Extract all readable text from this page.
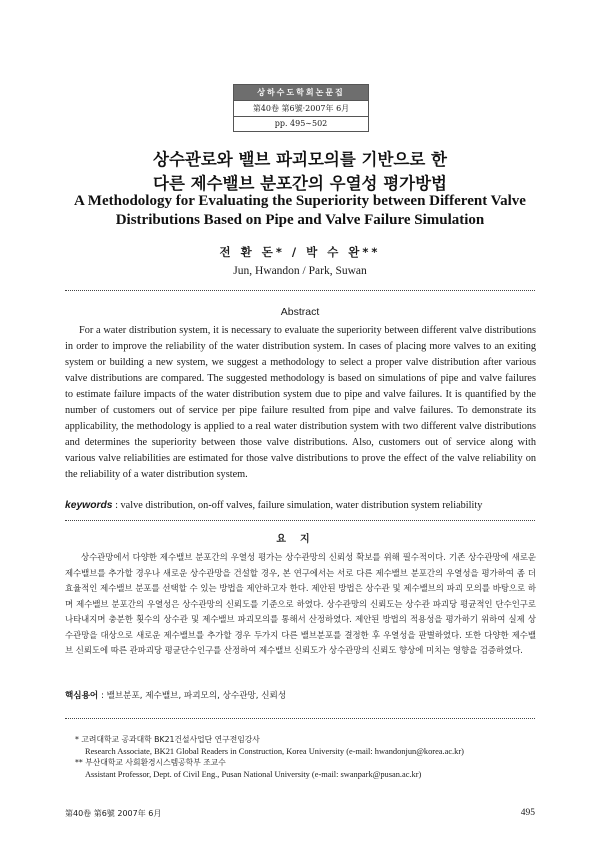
상하수도학회논문집
第40卷 第6號·2007年 6月
pp. 495∼502
상수관로와 밸브 파괴모의를 기반으로 한
다른 제수밸브 분포간의 우열성 평가방법
A Methodology for Evaluating the Superiority between Different Valve
Distributions Based on Pipe and Valve Failure Simulation
전 환 돈* / 박 수 완**
Jun, Hwandon / Park, Suwan
Abstract

For a water distribution system, it is necessary to evaluate the superiority between different valve distributions in order to improve the reliability of the water distribution system. In cases of placing more valves to an exiting system or building a new system, we suggest a methodology to select a proper valve distribution after various valve distributions are compared. The suggested methodology is based on simulations of pipe and valve failures to estimate failure impacts of the water distribution system due to pipe and valve failures. It is quantified by the number of customers out of service per pipe failure resulted from pipe and valve failures. To demonstrate its applicability, the methodology is applied to a real water distribution system with two different valve distributions and determines the superiority between those valve distributions. Also, customers out of service along with various valve reliabilities are estimated for those valve distributions to prove the effect of the valve reliability on the reliability of a water distribution system.

keywords : valve distribution, on-off valves, failure simulation, water distribution system reliability
요지

상수관망에서 다양한 제수밸브 분포간의 우열성 평가는 상수관망의 신뢰성 확보를 위해 필수적이다. 기존 상수관망에 새로운 제수밸브를 추가할 경우나 새로운 상수관망을 건설할 경우, 본 연구에서는 서로 다른 제수밸브 분포간의 우열성을 평가하여 좀 더 효율적인 제수밸브 분포를 선택할 수 있는 방법을 제안하고자 한다. 제안된 방법은 상수관 및 제수밸브의 파괴 모의를 바탕으로 하며 제수밸브 분포간의 우열성은 상수관망의 신뢰도를 기준으로 하였다. 상수관망의 신뢰도는 상수관 파괴당 평균적인 단수인구로 나타내지며 충분한 횟수의 상수관 및 제수밸브 파괴모의를 통해서 산정하였다. 제안된 방법의 적용성을 평가하기 위하여 실제 상수관망을 대상으로 새로운 제수밸브를 추가할 경우 두가지 다른 밸브분포를 결정한 후 우열성을 판별하였다. 또한 다양한 제수밸브 신뢰도에 따른 관파괴당 평균단수인구를 산정하여 제수밸브 신뢰도가 상수관망의 신뢰도 향상에 미치는 영향을 검증하였다.

핵심용어 : 밸브분포, 제수밸브, 파괴모의, 상수관망, 신뢰성
* 고려대학교 공과대학 BK21건설사업단 연구전임강사
Research Associate, BK21 Global Readers in Construction, Korea University (e-mail: hwandonjun@korea.ac.kr)
** 부산대학교 사회환경시스템공학부 조교수
Assistant Professor, Dept. of Civil Eng., Pusan National University (e-mail: swanpark@pusan.ac.kr)
第40卷 第6號 2007年 6月	495
